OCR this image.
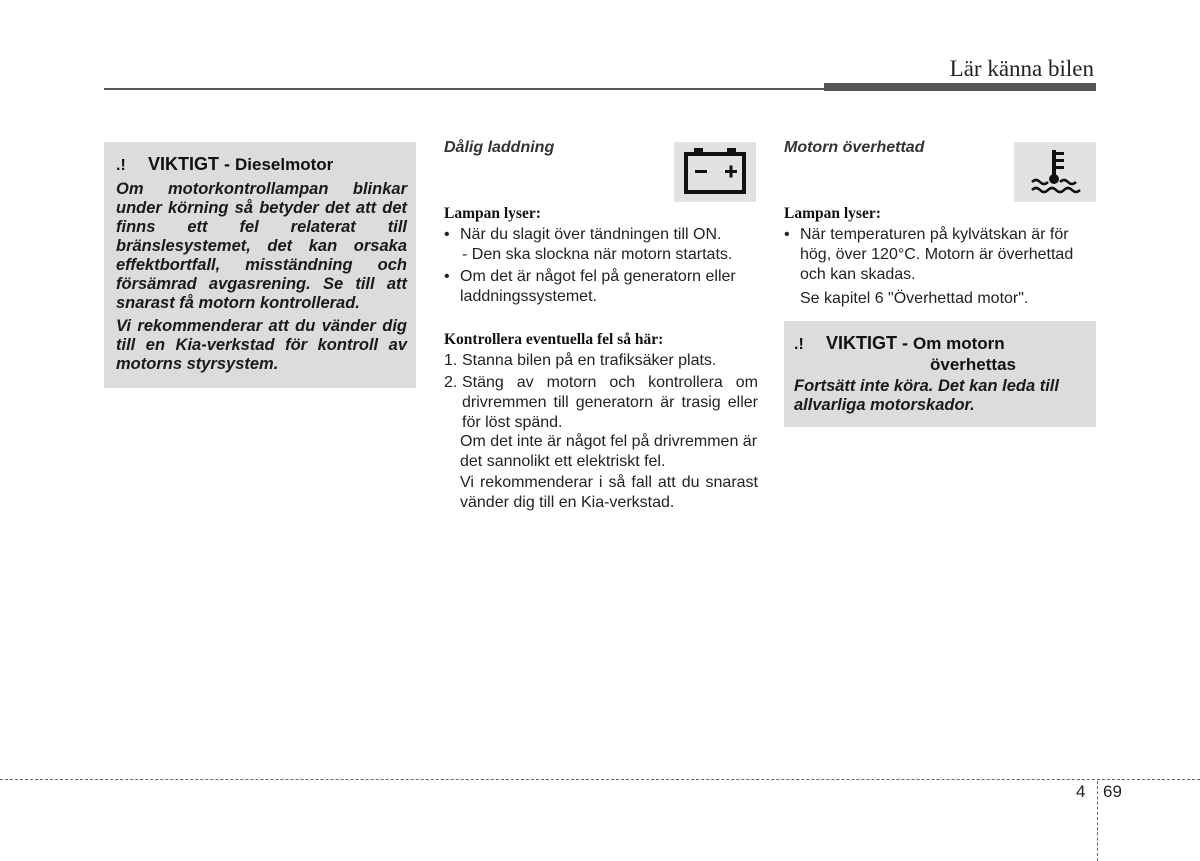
Lär känna bilen
.! VIKTIGT - Dieselmotor

Om motorkontrollampan blinkar under körning så betyder det att det finns ett fel relaterat till bränslesystemet, det kan orsaka effektbortfall, misständning och försämrad avgasrening. Se till att snarast få motorn kontrollerad.

Vi rekommenderar att du vänder dig till en Kia-verkstad för kontroll av motorns styrsystem.

Dålig laddning
Lampan lyser:
• När du slagit över tändningen till ON.
- Den ska slockna när motorn startats.
• Om det är något fel på generatorn eller laddningssystemet.
Kontrollera eventuella fel så här:
1. Stanna bilen på en trafiksäker plats.
2. Stäng av motorn och kontrollera om drivremmen till generatorn är trasig eller för löst spänd.
Om det inte är något fel på drivremmen är det sannolikt ett elektriskt fel.
Vi rekommenderar i så fall att du snarast vänder dig till en Kia-verkstad.
Motorn överhettad
Lampan lyser:
• När temperaturen på kylvätskan är för hög, över 120°C. Motorn är överhettad och kan skadas.
Se kapitel 6 "Överhettad motor".
.! VIKTIGT - Om motorn
överhettas

Fortsätt inte köra. Det kan leda till allvarliga motorskador.

4 69
